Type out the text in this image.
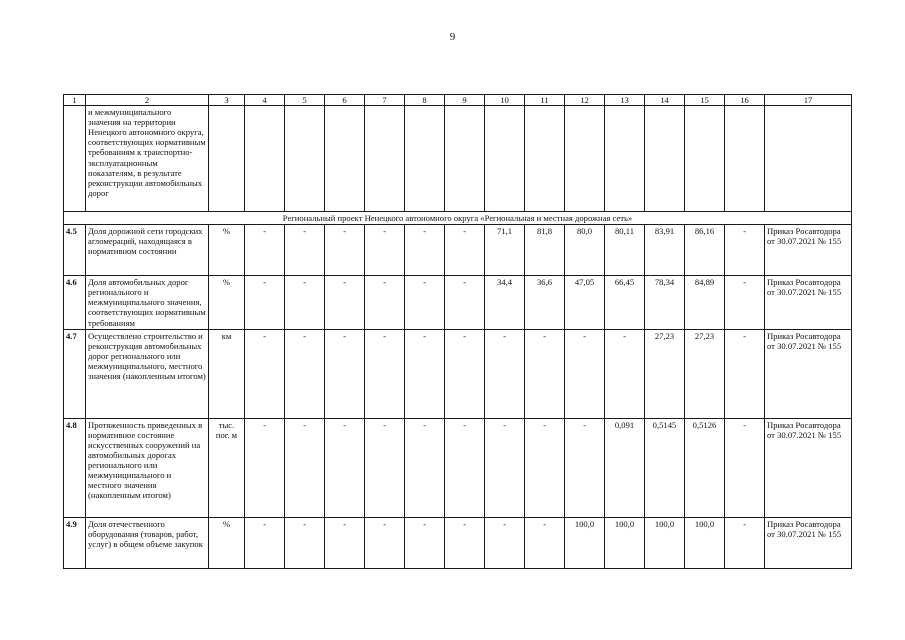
9
1	2	3	4	5	6	7	8	9	10	11	12	13	14	15	16	17
	и межмуниципального значения на территории Ненецкого автономного округа, соответствующих нормативным требованиям к транспортно-эксплуатационным показателям, в результате реконструкции автомобильных дорог															
Региональный проект Ненецкого автономного округа «Региональная и местная дорожная сеть»																
4.5	Доля дорожной сети городских агломераций, находящаяся в нормативном состоянии	%	-	-	-	-	-	-	71,1	81,8	80,0	80,11	83,91	86,16	-	Приказ Росавтодора от 30.07.2021 № 155
4.6	Доля автомобильных дорог регионального и межмуниципального значения, соответствующих нормативным требованиям	%	-	-	-	-	-	-	34,4	36,6	47,05	66,45	78,34	84,89	-	Приказ Росавтодора от 30.07.2021 № 155
4.7	Осуществлено строительство и реконструкция автомобильных дорог регионального или межмуниципального, местного значения (накопленным итогом)	км	-	-	-	-	-	-	-	-	-	-	27,23	27,23	-	Приказ Росавтодора от 30.07.2021 № 155
4.8	Протяженность приведенных в нормативное состояние искусственных сооружений на автомобильных дорогах регионального или межмуниципального и местного значения (накопленным итогом)	тыс. пог. м	-	-	-	-	-	-	-	-	-	0,091	0,5145	0,5126	-	Приказ Росавтодора от 30.07.2021 № 155
4.9	Доля отечественного оборудования (товаров, работ, услуг) в общем объеме закупок	%	-	-	-	-	-	-	-	-	100,0	100,0	100,0	100,0	-	Приказ Росавтодора от 30.07.2021 № 155
